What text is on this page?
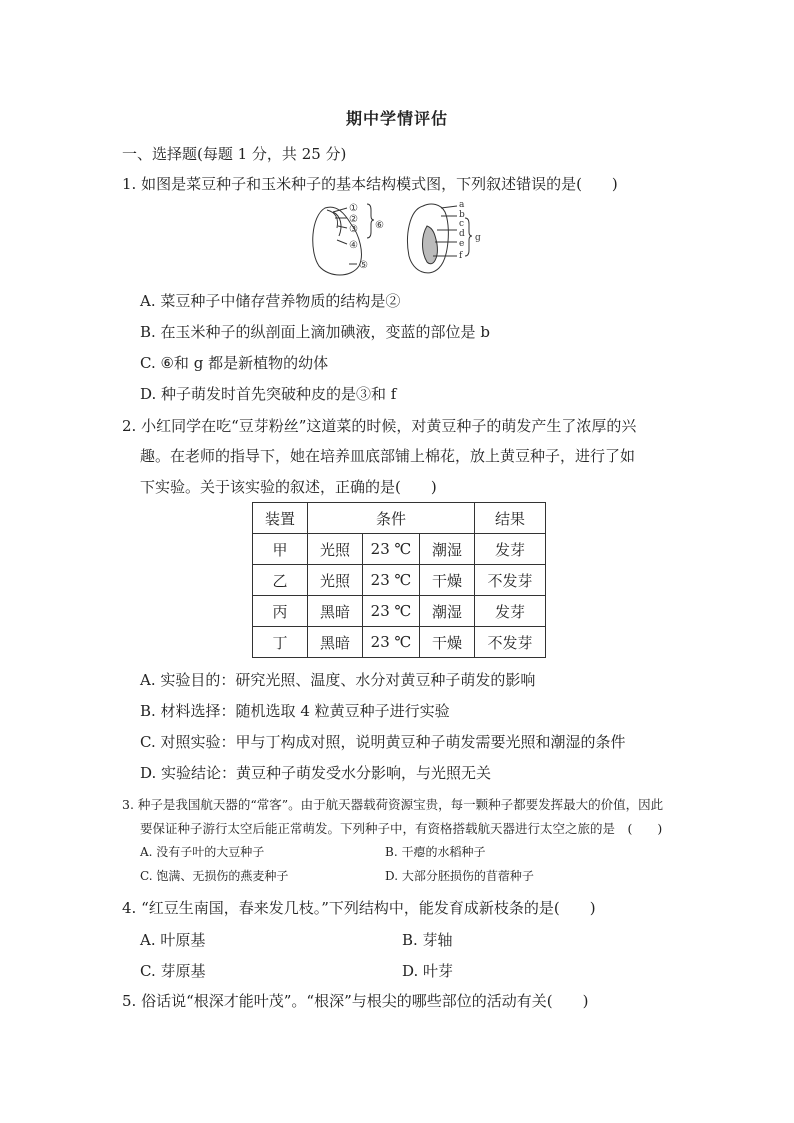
期中学情评估
一、选择题(每题 1 分，共 25 分)
1. 如图是菜豆种子和玉米种子的基本结构模式图，下列叙述错误的是(　　)
①
②
③
④
⑤
⑥
a
b
c
d
e
f
g
A. 菜豆种子中储存营养物质的结构是②
B. 在玉米种子的纵剖面上滴加碘液，变蓝的部位是 b
C. ⑥和 g 都是新植物的幼体
D. 种子萌发时首先突破种皮的是③和 f
2. 小红同学在吃“豆芽粉丝”这道菜的时候，对黄豆种子的萌发产生了浓厚的兴
趣。在老师的指导下，她在培养皿底部铺上棉花，放上黄豆种子，进行了如
下实验。关于该实验的叙述，正确的是(　　)
装置	条件			结果
甲	光照	23 ℃	潮湿	发芽
乙	光照	23 ℃	干燥	不发芽
丙	黑暗	23 ℃	潮湿	发芽
丁	黑暗	23 ℃	干燥	不发芽
A. 实验目的：研究光照、温度、水分对黄豆种子萌发的影响
B. 材料选择：随机选取 4 粒黄豆种子进行实验
C. 对照实验：甲与丁构成对照，说明黄豆种子萌发需要光照和潮湿的条件
D. 实验结论：黄豆种子萌发受水分影响，与光照无关
3. 种子是我国航天器的“常客”。由于航天器载荷资源宝贵，每一颗种子都要发挥最大的价值，因此
要保证种子游行太空后能正常萌发。下列种子中，有资格搭载航天器进行太空之旅的是　(　　)
A. 没有子叶的大豆种子	B. 干瘪的水稻种子
C. 饱满、无损伤的燕麦种子	D. 大部分胚损伤的苜蓿种子
4. “红豆生南国，春来发几枝。”下列结构中，能发育成新枝条的是(　　)
A. 叶原基	B. 芽轴
C. 芽原基	D. 叶芽
5. 俗话说“根深才能叶茂”。“根深”与根尖的哪些部位的活动有关(　　)
